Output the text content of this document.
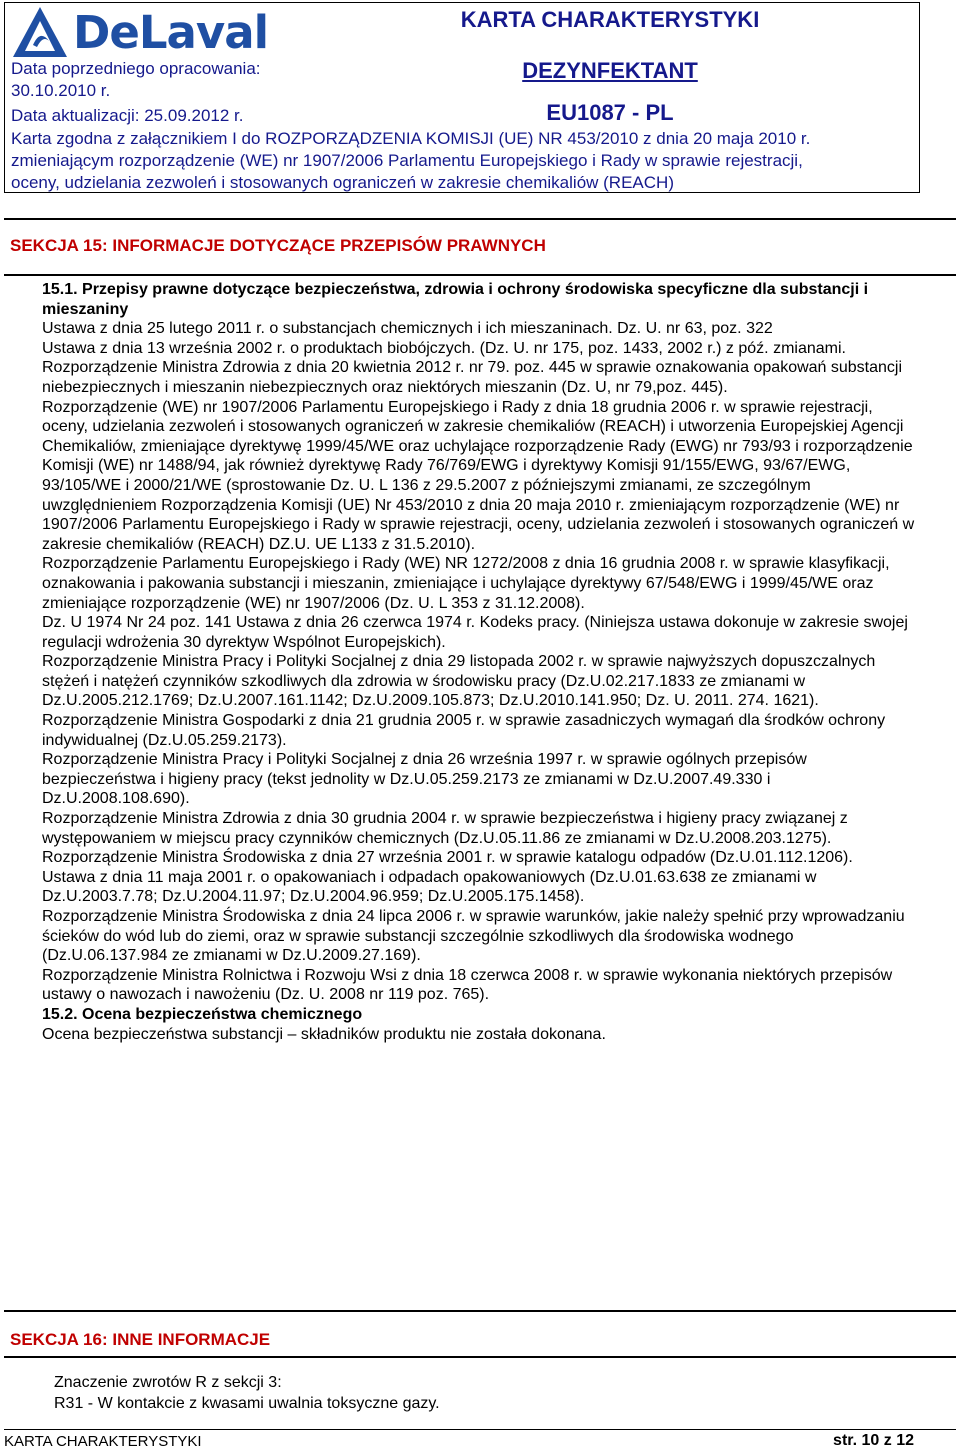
DeLaval	KARTA CHARAKTERYSTYKI
DEZYNFEKTANT
EU1087 - PL
Data poprzedniego opracowania:
30.10.2010 r.
Data aktualizacji: 25.09.2012 r.
Karta zgodna z załącznikiem I do ROZPORZĄDZENIA KOMISJI (UE) NR 453/2010 z dnia 20 maja 2010 r.
zmieniającym rozporządzenie (WE) nr 1907/2006 Parlamentu Europejskiego i Rady w sprawie rejestracji,
oceny, udzielania zezwoleń i stosowanych ograniczeń w zakresie chemikaliów (REACH)
SEKCJA 15: INFORMACJE DOTYCZĄCE PRZEPISÓW PRAWNYCH

15.1. Przepisy prawne dotyczące bezpieczeństwa, zdrowia i ochrony środowiska specyficzne dla substancji i mieszaniny

Ustawa z dnia 25 lutego 2011 r. o substancjach chemicznych i ich mieszaninach. Dz. U. nr 63, poz. 322

Ustawa z dnia 13 września 2002 r. o produktach biobójczych. (Dz. U. nr 175, poz. 1433, 2002 r.) z póź. zmianami.

Rozporządzenie Ministra Zdrowia z dnia 20 kwietnia 2012 r. nr 79. poz. 445 w sprawie oznakowania opakowań substancji niebezpiecznych i mieszanin niebezpiecznych oraz niektórych mieszanin (Dz. U, nr 79,poz. 445).

Rozporządzenie (WE) nr 1907/2006 Parlamentu Europejskiego i Rady z dnia 18 grudnia 2006 r. w sprawie rejestracji, oceny, udzielania zezwoleń i stosowanych ograniczeń w zakresie chemikaliów (REACH) i utworzenia Europejskiej Agencji Chemikaliów, zmieniające dyrektywę 1999/45/WE oraz uchylające rozporządzenie Rady (EWG) nr 793/93 i rozporządzenie Komisji (WE) nr 1488/94, jak również dyrektywę Rady 76/769/EWG i dyrektywy Komisji 91/155/EWG, 93/67/EWG, 93/105/WE i 2000/21/WE (sprostowanie Dz. U. L 136 z 29.5.2007 z późniejszymi zmianami, ze szczególnym uwzględnieniem Rozporządzenia Komisji (UE) Nr 453/2010 z dnia 20 maja 2010 r. zmieniającym rozporządzenie (WE) nr 1907/2006 Parlamentu Europejskiego i Rady w sprawie rejestracji, oceny, udzielania zezwoleń i stosowanych ograniczeń w zakresie chemikaliów (REACH) DZ.U. UE L133 z 31.5.2010).

Rozporządzenie Parlamentu Europejskiego i Rady (WE) NR 1272/2008 z dnia 16 grudnia 2008 r. w sprawie klasyfikacji, oznakowania i pakowania substancji i mieszanin, zmieniające i uchylające dyrektywy 67/548/EWG i 1999/45/WE oraz zmieniające rozporządzenie (WE) nr 1907/2006 (Dz. U. L 353 z 31.12.2008).

Dz. U 1974 Nr 24 poz. 141 Ustawa z dnia 26 czerwca 1974 r. Kodeks pracy. (Niniejsza ustawa dokonuje w zakresie swojej regulacji wdrożenia 30 dyrektyw Wspólnot Europejskich).

Rozporządzenie Ministra Pracy i Polityki Socjalnej z dnia 29 listopada 2002 r. w sprawie najwyższych dopuszczalnych stężeń i natężeń czynników szkodliwych dla zdrowia w środowisku pracy (Dz.U.02.217.1833 ze zmianami w Dz.U.2005.212.1769; Dz.U.2007.161.1142; Dz.U.2009.105.873; Dz.U.2010.141.950; Dz. U. 2011. 274. 1621).

Rozporządzenie Ministra Gospodarki z dnia 21 grudnia 2005 r. w sprawie zasadniczych wymagań dla środków ochrony indywidualnej (Dz.U.05.259.2173).

Rozporządzenie Ministra Pracy i Polityki Socjalnej z dnia 26 września 1997 r. w sprawie ogólnych przepisów bezpieczeństwa i higieny pracy (tekst jednolity w Dz.U.05.259.2173 ze zmianami w Dz.U.2007.49.330 i Dz.U.2008.108.690).

Rozporządzenie Ministra Zdrowia z dnia 30 grudnia 2004 r. w sprawie bezpieczeństwa i higieny pracy związanej z występowaniem w miejscu pracy czynników chemicznych (Dz.U.05.11.86 ze zmianami w Dz.U.2008.203.1275).

Rozporządzenie Ministra Środowiska z dnia 27 września 2001 r. w sprawie katalogu odpadów (Dz.U.01.112.1206).

Ustawa z dnia 11 maja 2001 r. o opakowaniach i odpadach opakowaniowych (Dz.U.01.63.638 ze zmianami w Dz.U.2003.7.78; Dz.U.2004.11.97; Dz.U.2004.96.959; Dz.U.2005.175.1458).

Rozporządzenie Ministra Środowiska z dnia 24 lipca 2006 r. w sprawie warunków, jakie należy spełnić przy wprowadzaniu ścieków do wód lub do ziemi, oraz w sprawie substancji szczególnie szkodliwych dla środowiska wodnego (Dz.U.06.137.984 ze zmianami w Dz.U.2009.27.169).

Rozporządzenie Ministra Rolnictwa i Rozwoju Wsi z dnia 18 czerwca 2008 r. w sprawie wykonania niektórych przepisów ustawy o nawozach i nawożeniu (Dz. U. 2008 nr 119 poz. 765).

15.2. Ocena bezpieczeństwa chemicznego

Ocena bezpieczeństwa substancji – składników produktu nie została dokonana.

SEKCJA 16: INNE INFORMACJE
Znaczenie zwrotów R z sekcji 3:
R31 - W kontakcie z kwasami uwalnia toksyczne gazy.
KARTA CHARAKTERYSTYKI	str. 10 z 12
